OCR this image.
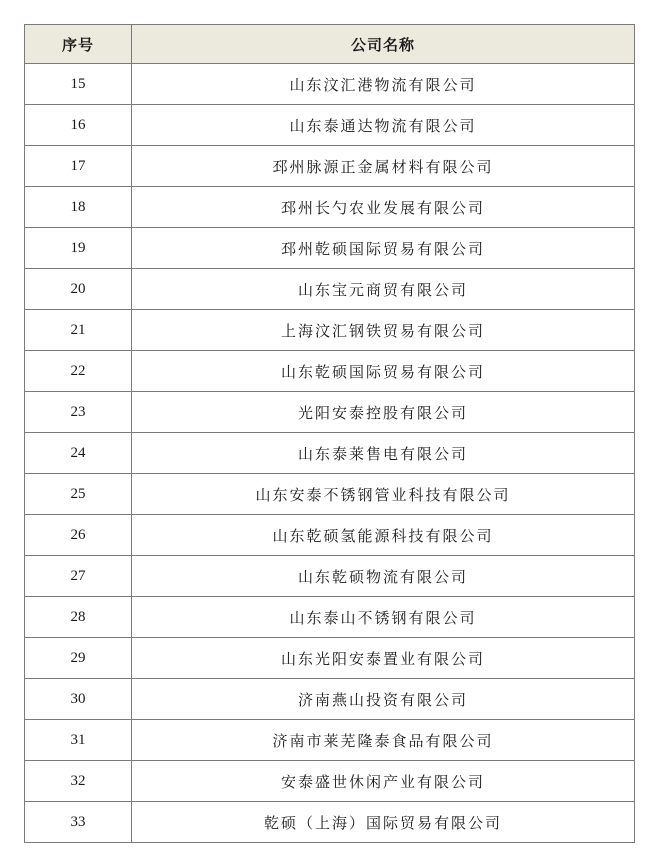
序号	公司名称
15	山东汶汇港物流有限公司
16	山东泰通达物流有限公司
17	邳州脉源正金属材料有限公司
18	邳州长勺农业发展有限公司
19	邳州乾硕国际贸易有限公司
20	山东宝元商贸有限公司
21	上海汶汇钢铁贸易有限公司
22	山东乾硕国际贸易有限公司
23	光阳安泰控股有限公司
24	山东泰莱售电有限公司
25	山东安泰不锈钢管业科技有限公司
26	山东乾硕氢能源科技有限公司
27	山东乾硕物流有限公司
28	山东泰山不锈钢有限公司
29	山东光阳安泰置业有限公司
30	济南燕山投资有限公司
31	济南市莱芜隆泰食品有限公司
32	安泰盛世休闲产业有限公司
33	乾硕（上海）国际贸易有限公司
